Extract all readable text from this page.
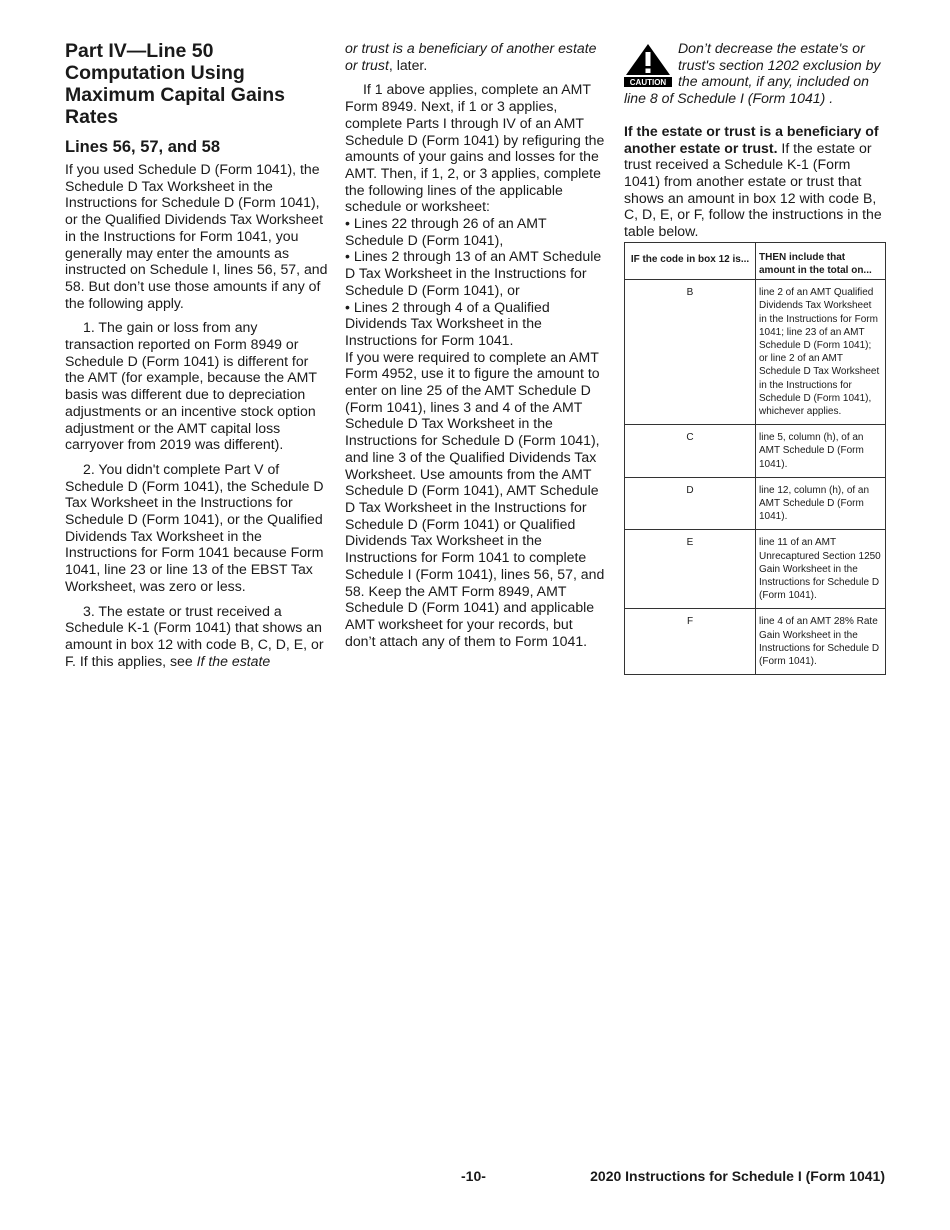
Part IV—Line 50 Computation Using Maximum Capital Gains Rates
Lines 56, 57, and 58

If you used Schedule D (Form 1041), the Schedule D Tax Worksheet in the Instructions for Schedule D (Form 1041), or the Qualified Dividends Tax Worksheet in the Instructions for Form 1041, you generally may enter the amounts as instructed on Schedule I, lines 56, 57, and 58. But don’t use those amounts if any of the following apply.

1. The gain or loss from any transaction reported on Form 8949 or Schedule D (Form 1041) is different for the AMT (for example, because the AMT basis was different due to depreciation adjustments or an incentive stock option adjustment or the AMT capital loss carryover from 2019 was different).

2. You didn't complete Part V of Schedule D (Form 1041), the Schedule D Tax Worksheet in the Instructions for Schedule D (Form 1041), or the Qualified Dividends Tax Worksheet in the Instructions for Form 1041 because Form 1041, line 23 or line 13 of the EBST Tax Worksheet, was zero or less.

3. The estate or trust received a Schedule K-1 (Form 1041) that shows an amount in box 12 with code B, C, D, E, or F. If this applies, see If the estate

or trust is a beneficiary of another estate or trust, later.

If 1 above applies, complete an AMT Form 8949. Next, if 1 or 3 applies, complete Parts I through IV of an AMT Schedule D (Form 1041) by refiguring the amounts of your gains and losses for the AMT. Then, if 1, 2, or 3 applies, complete the following lines of the applicable schedule or worksheet:

• Lines 22 through 26 of an AMT Schedule D (Form 1041),

• Lines 2 through 13 of an AMT Schedule D Tax Worksheet in the Instructions for Schedule D (Form 1041), or

• Lines 2 through 4 of a Qualified Dividends Tax Worksheet in the Instructions for Form 1041.

If you were required to complete an AMT Form 4952, use it to figure the amount to enter on line 25 of the AMT Schedule D (Form 1041), lines 3 and 4 of the AMT Schedule D Tax Worksheet in the Instructions for Schedule D (Form 1041), and line 3 of the Qualified Dividends Tax Worksheet. Use amounts from the AMT Schedule D (Form 1041), AMT Schedule D Tax Worksheet in the Instructions for Schedule D (Form 1041) or Qualified Dividends Tax Worksheet in the Instructions for Form 1041 to complete Schedule I (Form 1041), lines 56, 57, and 58. Keep the AMT Form 8949, AMT Schedule D (Form 1041) and applicable AMT worksheet for your records, but don’t attach any of them to Form 1041.

CAUTION
Don’t decrease the estate's or trust's section 1202 exclusion by the amount, if any, included on line 8 of Schedule I (Form 1041) .

If the estate or trust is a beneficiary of another estate or trust. If the estate or trust received a Schedule K-1 (Form 1041) from another estate or trust that shows an amount in box 12 with code B, C, D, E, or F, follow the instructions in the table below.

IF the code in box 12 is...	THEN include that amount in the total on...
B	line 2 of an AMT Qualified Dividends Tax Worksheet in the Instructions for Form 1041; line 23 of an AMT Schedule D (Form 1041); or line 2 of an AMT Schedule D Tax Worksheet in the Instructions for Schedule D (Form 1041), whichever applies.
C	line 5, column (h), of an AMT Schedule D (Form 1041).
D	line 12, column (h), of an AMT Schedule D (Form 1041).
E	line 11 of an AMT Unrecaptured Section 1250 Gain Worksheet in the Instructions for Schedule D (Form 1041).
F	line 4 of an AMT 28% Rate Gain Worksheet in the Instructions for Schedule D (Form 1041).
-10-	2020 Instructions for Schedule I (Form 1041)
